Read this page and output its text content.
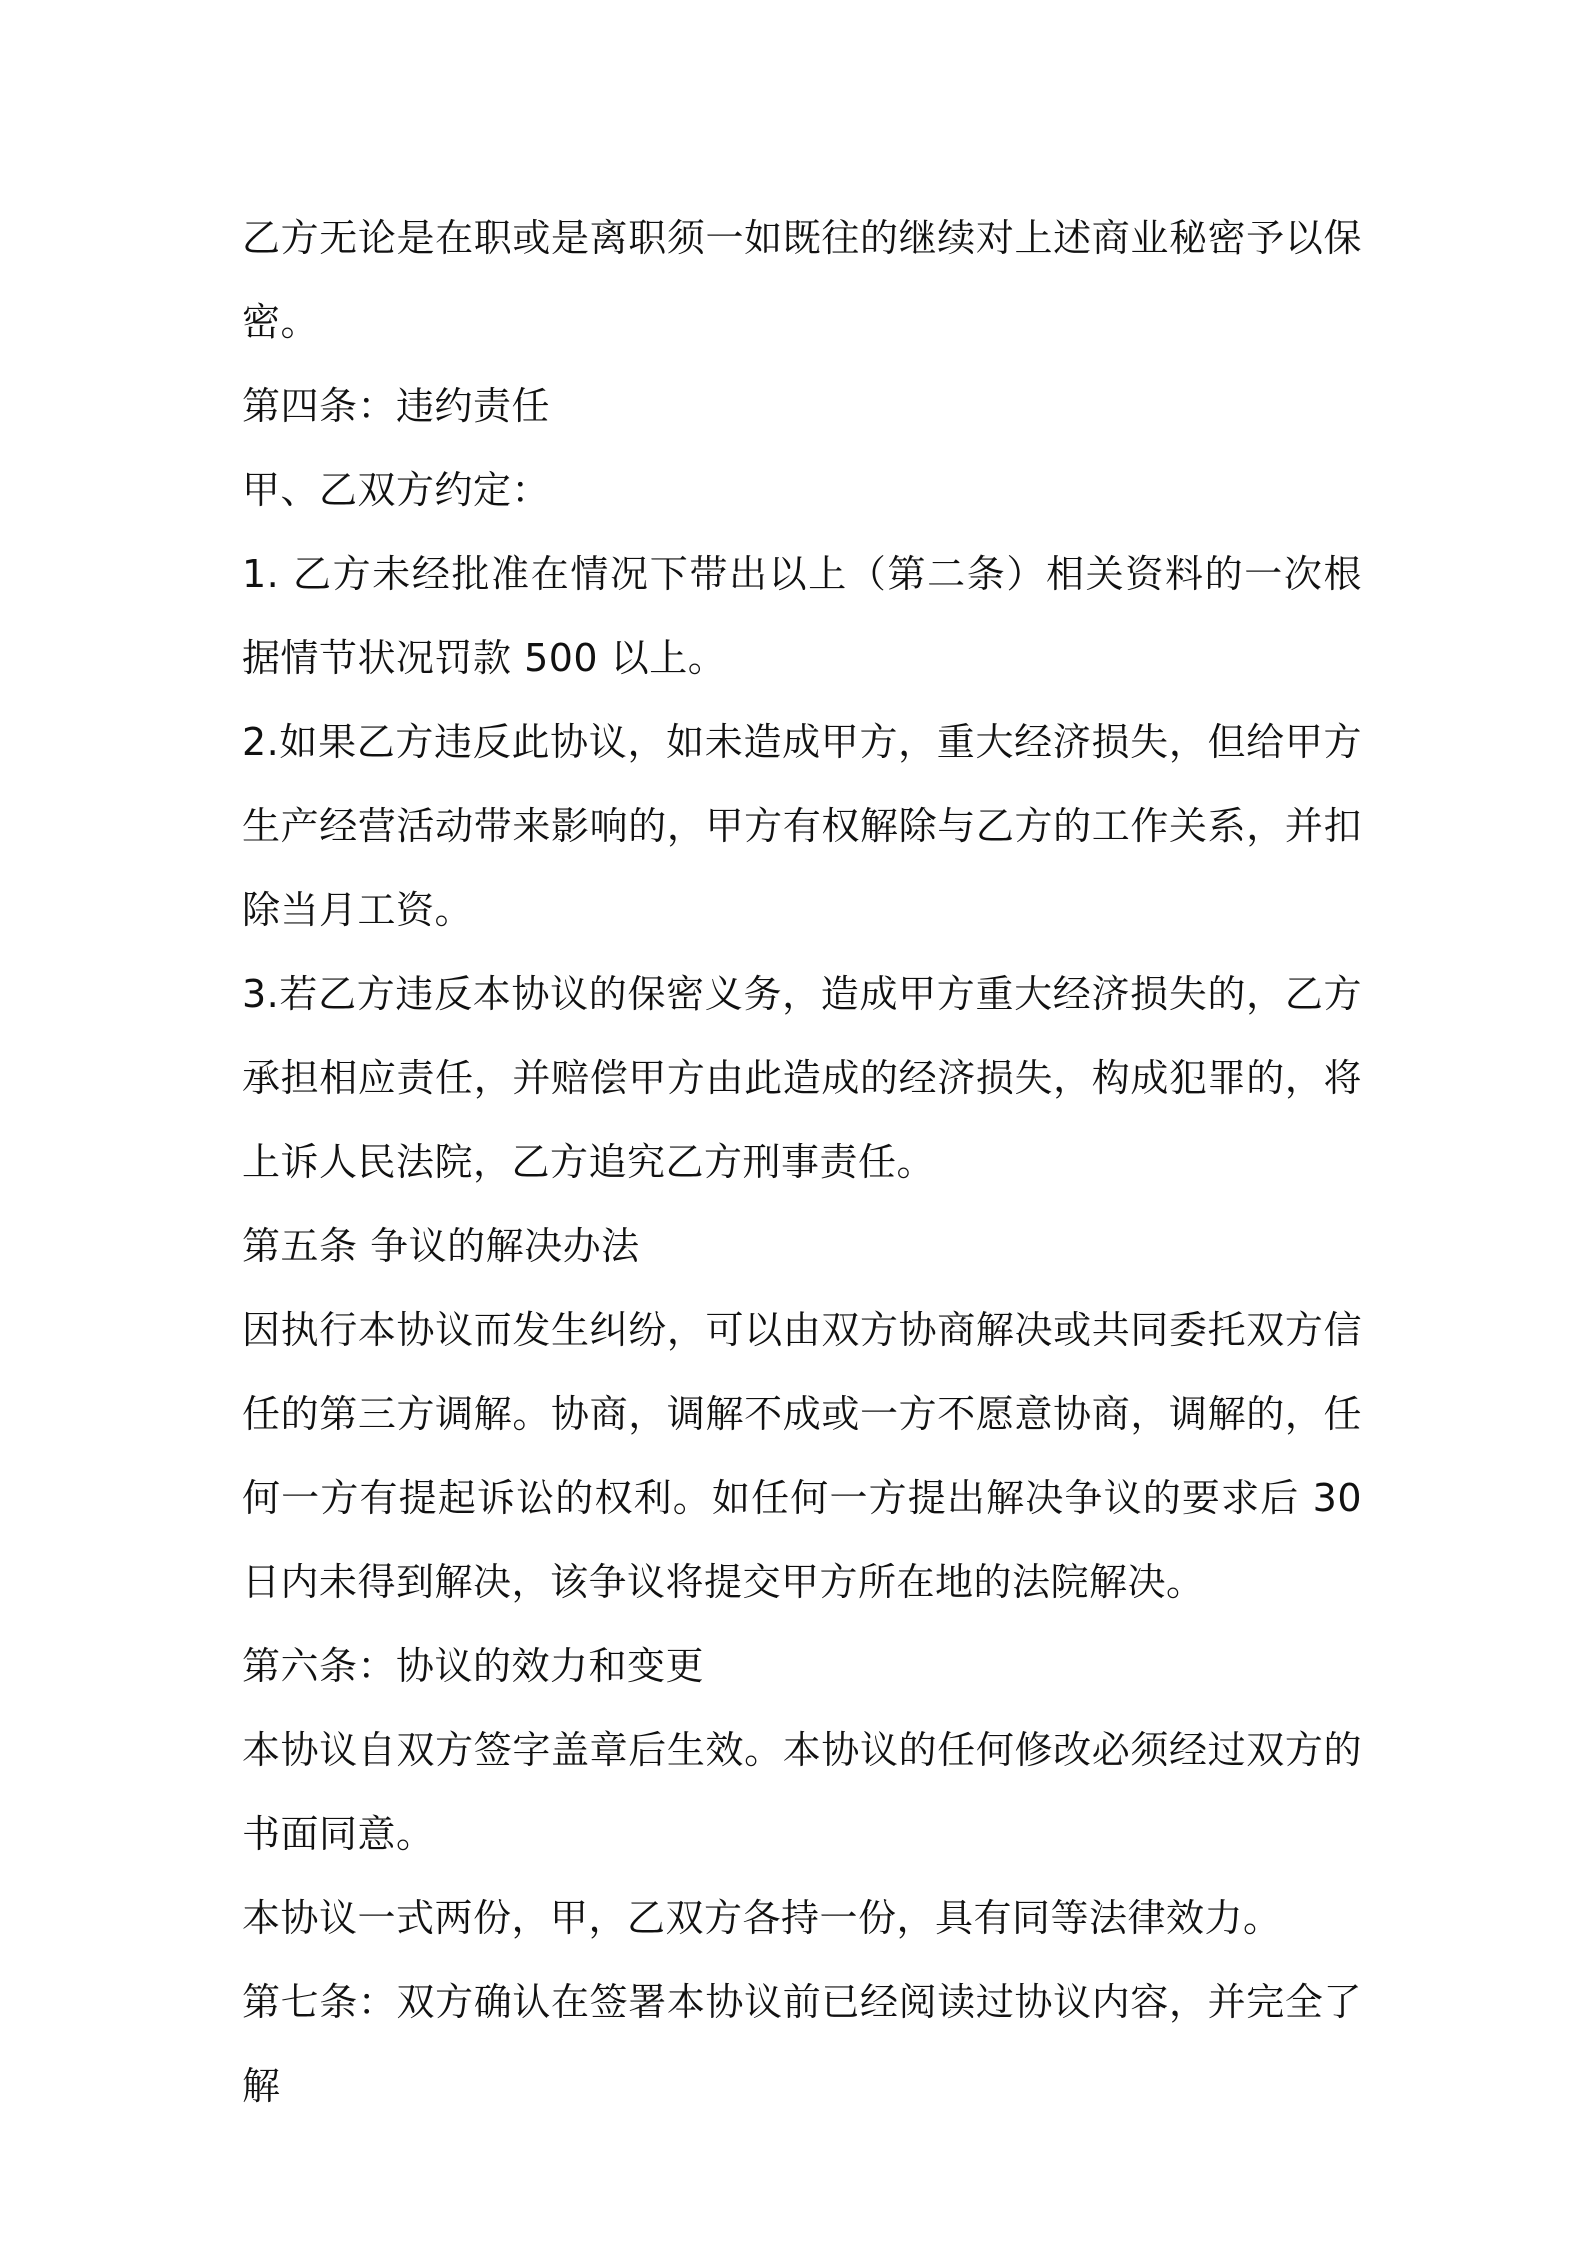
乙方无论是在职或是离职须一如既往的继续对上述商业秘密予以保密。

第四条：违约责任

甲、乙双方约定：

1. 乙方未经批准在情况下带出以上（第二条）相关资料的一次根据情节状况罚款 500 以上。

2.如果乙方违反此协议，如未造成甲方，重大经济损失，但给甲方生产经营活动带来影响的，甲方有权解除与乙方的工作关系，并扣除当月工资。

3.若乙方违反本协议的保密义务，造成甲方重大经济损失的，乙方承担相应责任，并赔偿甲方由此造成的经济损失，构成犯罪的，将上诉人民法院，乙方追究乙方刑事责任。

第五条 争议的解决办法

因执行本协议而发生纠纷，可以由双方协商解决或共同委托双方信任的第三方调解。协商，调解不成或一方不愿意协商，调解的，任何一方有提起诉讼的权利。如任何一方提出解决争议的要求后 30 日内未得到解决，该争议将提交甲方所在地的法院解决。

第六条：协议的效力和变更

本协议自双方签字盖章后生效。本协议的任何修改必须经过双方的书面同意。

本协议一式两份，甲，乙双方各持一份，具有同等法律效力。

第七条：双方确认在签署本协议前已经阅读过协议内容，并完全了解
